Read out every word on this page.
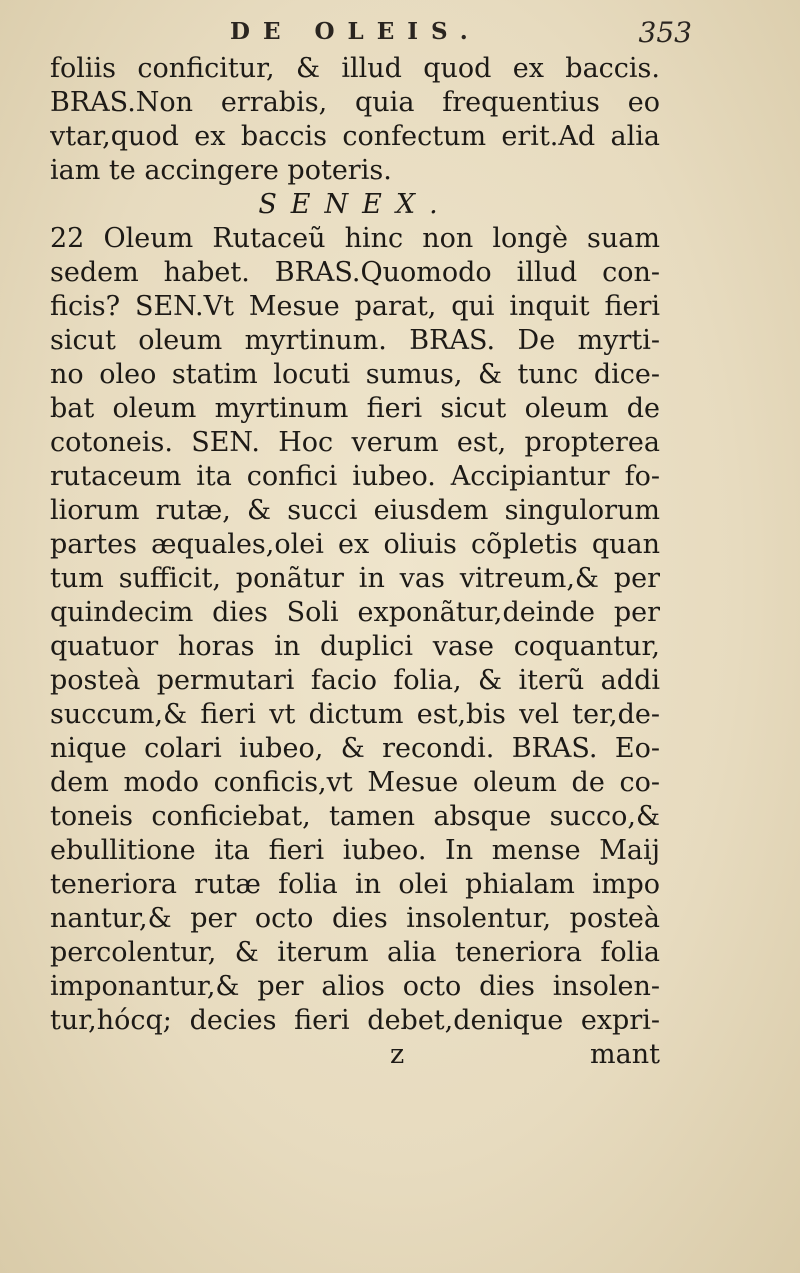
DE OLEIS.	353
foliis conficitur, & illud quod ex baccis.
BRAS.Non errabis, quia frequentius eo
vtar,quod ex baccis confectum erit.Ad alia
iam te accingere poteris.
SENEX.
22 Oleum Rutaceũ hinc non longè suam
sedem habet. BRAS.Quomodo illud con-
ficis? SEN.Vt Mesue parat, qui inquit fieri
sicut oleum myrtinum. BRAS. De myrti-
no oleo statim locuti sumus, & tunc dice-
bat oleum myrtinum fieri sicut oleum de
cotoneis. SEN. Hoc verum est, propterea
rutaceum ita confici iubeo. Accipiantur fo-
liorum rutæ, & succi eiusdem singulorum
partes æquales,olei ex oliuis cõpletis quan
tum sufficit, ponãtur in vas vitreum,& per
quindecim dies Soli exponãtur,deinde per
quatuor horas in duplici vase coquantur,
posteà permutari facio folia, & iterũ addi
succum,& fieri vt dictum est,bis vel ter,de-
nique colari iubeo, & recondi. BRAS. Eo-
dem modo conficis,vt Mesue oleum de co-
toneis conficiebat, tamen absque succo,&
ebullitione ita fieri iubeo. In mense Maij
teneriora rutæ folia in olei phialam impo
nantur,& per octo dies insolentur, posteà
percolentur, & iterum alia teneriora folia
imponantur,& per alios octo dies insolen-
tur,hócq; decies fieri debet,denique expri-
z mant
